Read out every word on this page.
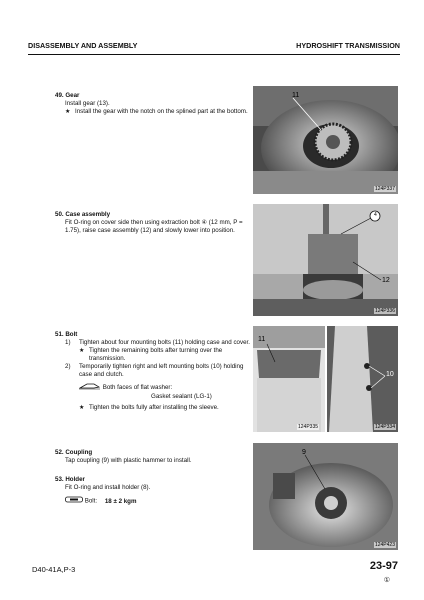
DISASSEMBLY AND ASSEMBLY	HYDROSHIFT TRANSMISSION
49. Gear
Install gear (13).
★ Install the gear with the notch on the splined part at the bottom.
50. Case assembly
Fit O-ring on cover side then using extraction bolt ④ (12 mm, P = 1.75), raise case assembly (12) and slowly lower into position.
51. Bolt
1)	Tighten about four mounting bolts (11) holding case and cover.
★ Tighten the remaining bolts after turning over the transmission.
2)	Temporarily tighten right and left mounting bolts (10) holding case and clutch.
Both faces of flat washer:
Gasket sealant (LG-1)
★ Tighten the bolts fully after installing the sleeve.
52. Coupling
Tap coupling (9) with plastic hammer to install.
53. Holder
Fit O-ring and install holder (8).
Bolt: 18 ± 2 kgm
11
124P337
4
12
124P336
11
124P335
10
124P334
9
124P423
D40-41A,P-3	23-97
①
